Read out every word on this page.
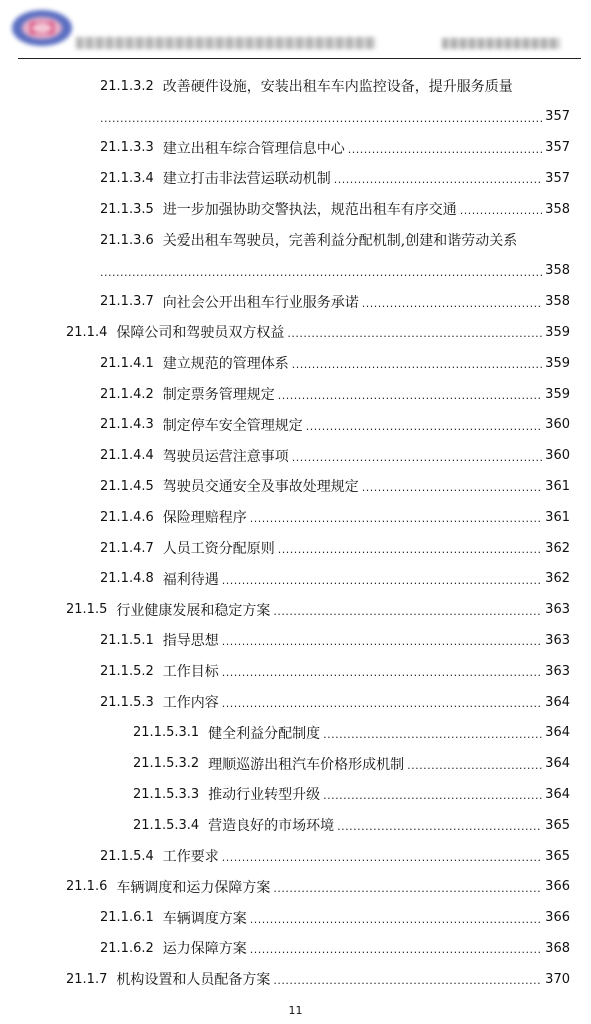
21.1.3.2 改善硬件设施，安装出租车车内监控设备，提升服务质量
.....
357
21.1.3.3 建立出租车综合管理信息中心 .....	357
21.1.3.4 建立打击非法营运联动机制 .....	357
21.1.3.5 进一步加强协助交警执法，规范出租车有序交通 .....	358
21.1.3.6 关爱出租车驾驶员，完善利益分配机制,创建和谐劳动关系
.....
358
21.1.3.7 向社会公开出租车行业服务承诺 .....	358
21.1.4 保障公司和驾驶员双方权益 .....	359
21.1.4.1 建立规范的管理体系 .....	359
21.1.4.2 制定票务管理规定 .....	359
21.1.4.3 制定停车安全管理规定 .....	360
21.1.4.4 驾驶员运营注意事项 .....	360
21.1.4.5 驾驶员交通安全及事故处理规定 .....	361
21.1.4.6 保险理赔程序 .....	361
21.1.4.7 人员工资分配原则 .....	362
21.1.4.8 福利待遇 .....	362
21.1.5 行业健康发展和稳定方案 .....	363
21.1.5.1 指导思想 .....	363
21.1.5.2 工作目标 .....	363
21.1.5.3 工作内容 .....	364
21.1.5.3.1 健全利益分配制度 .....	364
21.1.5.3.2 理顺巡游出租汽车价格形成机制 .....	364
21.1.5.3.3 推动行业转型升级 .....	364
21.1.5.3.4 营造良好的市场环境 .....	365
21.1.5.4 工作要求 .....	365
21.1.6 车辆调度和运力保障方案 .....	366
21.1.6.1 车辆调度方案 .....	366
21.1.6.2 运力保障方案 .....	368
21.1.7 机构设置和人员配备方案 .....	370
11
